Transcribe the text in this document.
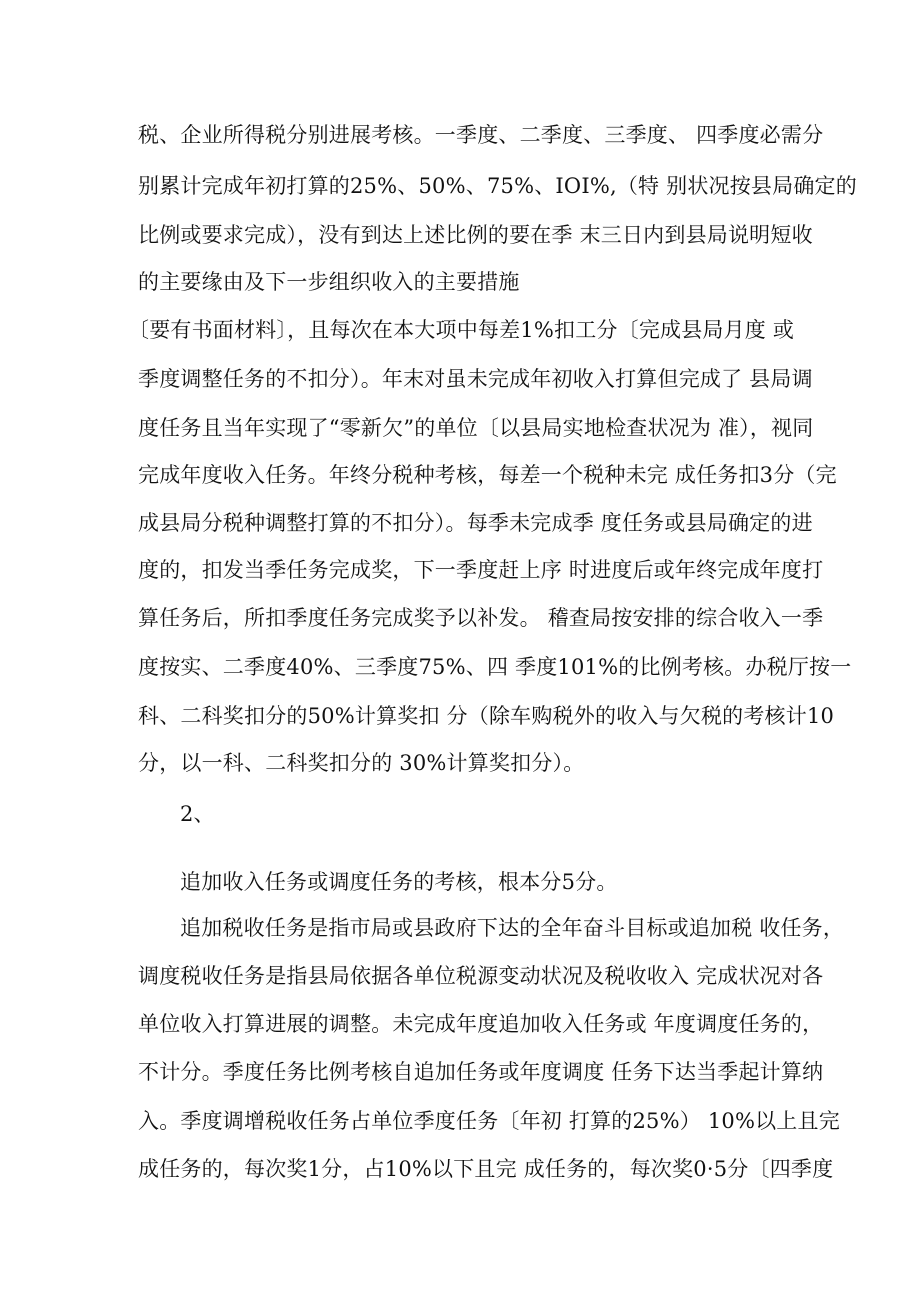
税、企业所得税分别进展考核。一季度、二季度、三季度、 四季度必需分
别累计完成年初打算的25%、50%、75%、IOI%,（特 别状况按县局确定的
比例或要求完成），没有到达上述比例的要在季 末三日内到县局说明短收
的主要缘由及下一步组织收入的主要措施
〔要有书面材料〕，且每次在本大项中每差1%扣工分〔完成县局月度 或
季度调整任务的不扣分）。年末对虽未完成年初收入打算但完成了 县局调
度任务且当年实现了“零新欠”的单位〔以县局实地检查状况为 准），视同
完成年度收入任务。年终分税种考核，每差一个税种未完 成任务扣3分（完
成县局分税种调整打算的不扣分）。每季未完成季 度任务或县局确定的进
度的，扣发当季任务完成奖，下一季度赶上序 时进度后或年终完成年度打
算任务后，所扣季度任务完成奖予以补发。 稽查局按安排的综合收入一季
度按实、二季度40%、三季度75%、四 季度101%的比例考核。办税厅按一
科、二科奖扣分的50%计算奖扣 分（除车购税外的收入与欠税的考核计10
分，以一科、二科奖扣分的 30%计算奖扣分）。
2、
追加收入任务或调度任务的考核，根本分5分。
追加税收任务是指市局或县政府下达的全年奋斗目标或追加税 收任务，
调度税收任务是指县局依据各单位税源变动状况及税收收入 完成状况对各
单位收入打算进展的调整。未完成年度追加收入任务或 年度调度任务的，
不计分。季度任务比例考核自追加任务或年度调度 任务下达当季起计算纳
入。季度调增税收任务占单位季度任务〔年初 打算的25%） 10%以上且完
成任务的，每次奖1分，占10%以下且完 成任务的，每次奖0·5分〔四季度
